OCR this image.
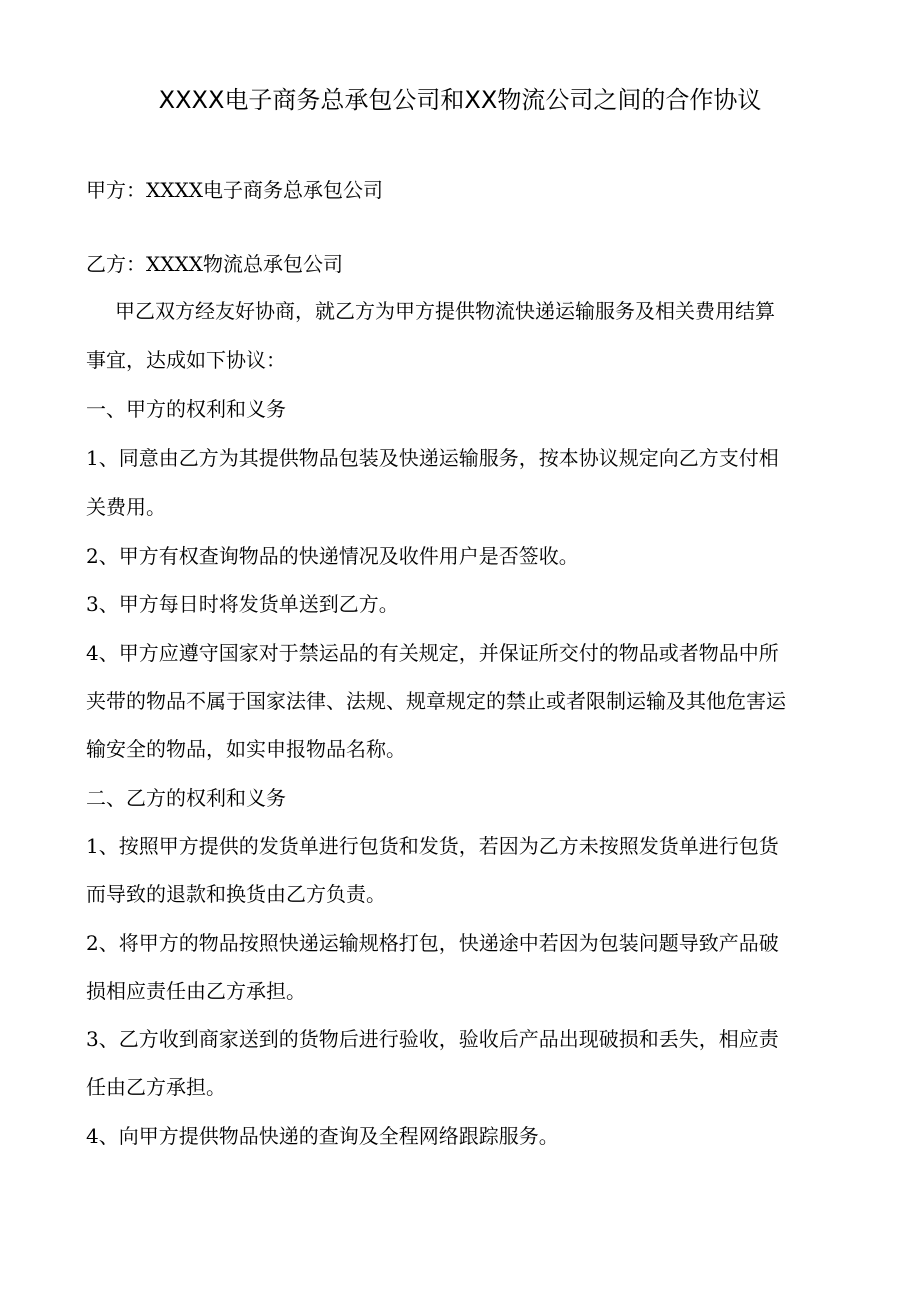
XXXX电子商务总承包公司和XX物流公司之间的合作协议
甲方：XXXX电子商务总承包公司
乙方：XXXX物流总承包公司
甲乙双方经友好协商，就乙方为甲方提供物流快递运输服务及相关费用结算
事宜，达成如下协议：
一、甲方的权利和义务
1、同意由乙方为其提供物品包装及快递运输服务，按本协议规定向乙方支付相
关费用。
2、甲方有权查询物品的快递情况及收件用户是否签收。
3、甲方每日时将发货单送到乙方。
4、甲方应遵守国家对于禁运品的有关规定，并保证所交付的物品或者物品中所
夹带的物品不属于国家法律、法规、规章规定的禁止或者限制运输及其他危害运
输安全的物品，如实申报物品名称。
二、乙方的权利和义务
1、按照甲方提供的发货单进行包货和发货，若因为乙方未按照发货单进行包货
而导致的退款和换货由乙方负责。
2、将甲方的物品按照快递运输规格打包，快递途中若因为包装问题导致产品破
损相应责任由乙方承担。
3、乙方收到商家送到的货物后进行验收，验收后产品出现破损和丢失，相应责
任由乙方承担。
4、向甲方提供物品快递的查询及全程网络跟踪服务。
